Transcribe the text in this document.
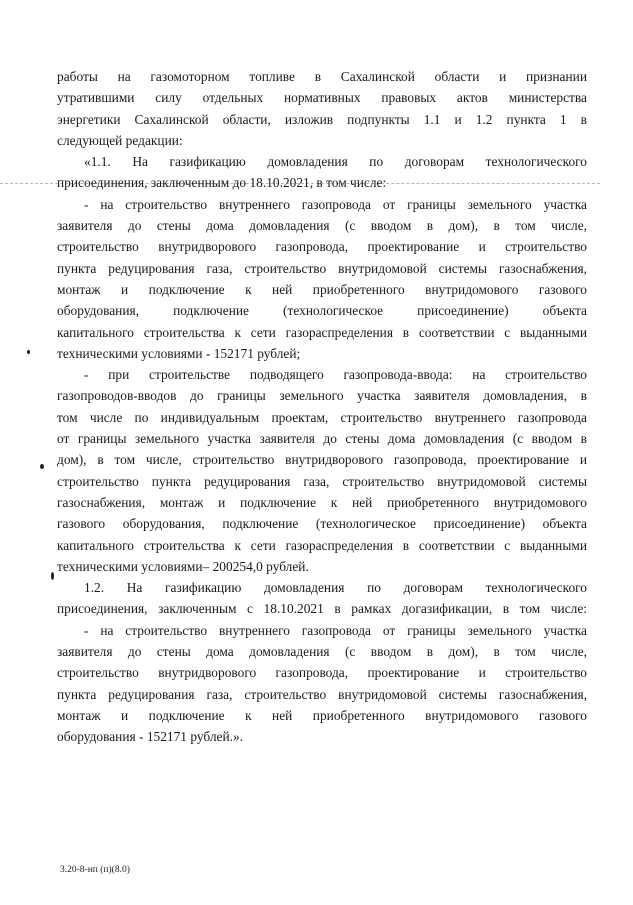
работы на газомоторном топливе в Сахалинской области и признании
утратившими силу отдельных нормативных правовых актов министерства
энергетики Сахалинской области, изложив подпункты 1.1 и 1.2 пункта 1 в
следующей редакции:
«1.1. На газификацию домовладения по договорам технологического
присоединения, заключенным до 18.10.2021, в том числе:
- на строительство внутреннего газопровода от границы земельного участка
заявителя до стены дома домовладения (с вводом в дом), в том числе,
строительство внутридворового газопровода, проектирование и строительство
пункта редуцирования газа, строительство внутридомовой системы газоснабжения,
монтаж и подключение к ней приобретенного внутридомового газового
оборудования, подключение (технологическое присоединение) объекта
капитального строительства к сети газораспределения в соответствии с выданными
техническими условиями - 152171 рублей;
- при строительстве подводящего газопровода-ввода: на строительство
газопроводов-вводов до границы земельного участка заявителя домовладения, в
том числе по индивидуальным проектам, строительство внутреннего газопровода
от границы земельного участка заявителя до стены дома домовладения (с вводом в
дом), в том числе, строительство внутридворового газопровода, проектирование и
строительство пункта редуцирования газа, строительство внутридомовой системы
газоснабжения, монтаж и подключение к ней приобретенного внутридомового
газового оборудования, подключение (технологическое присоединение) объекта
капитального строительства к сети газораспределения в соответствии с выданными
техническими условиями– 200254,0 рублей.
1.2. На газификацию домовладения по договорам технологического
присоединения, заключенным с 18.10.2021 в рамках догазификации, в том числе:
- на строительство внутреннего газопровода от границы земельного участка
заявителя до стены дома домовладения (с вводом в дом), в том числе,
строительство внутридворового газопровода, проектирование и строительство
пункта редуцирования газа, строительство внутридомовой системы газоснабжения,
монтаж и подключение к ней приобретенного внутридомового газового
оборудования - 152171 рублей.».
3.20-8-нп (п)(8.0)
